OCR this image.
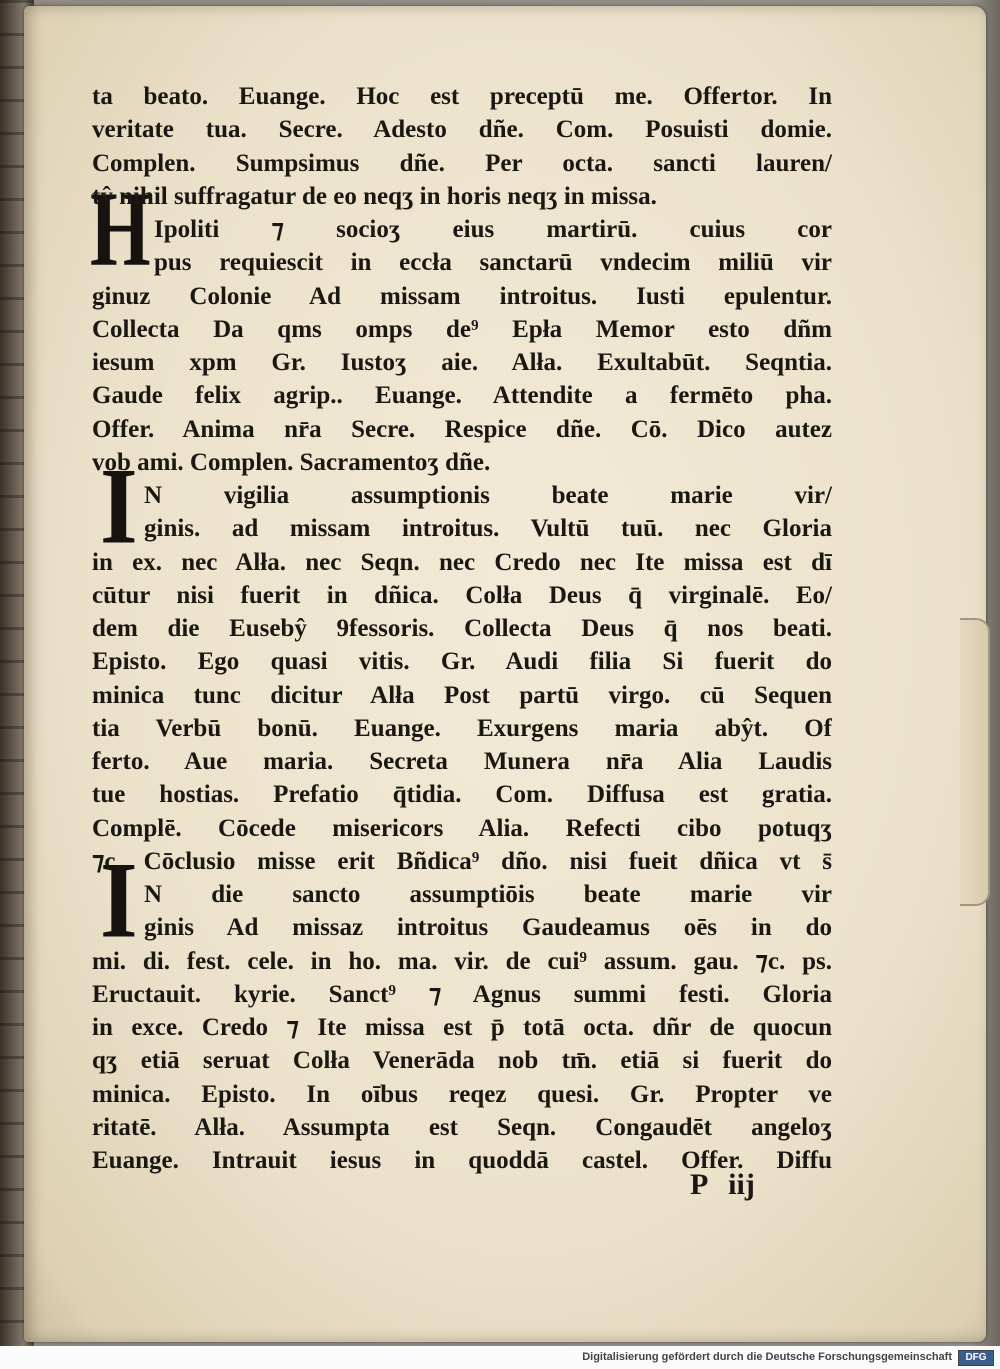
H
I
I
ta beato. Euange. Hoc est preceptū me. Offertor. In
veritate tua. Secre. Adesto dñe. Com. Posuisti domie.
Complen. Sumpsimus dñe. Per octa. sancti lauren/
tŷ nihil suffragatur de eo neqʒ in horis neqʒ in missa.
Ipoliti ⁊ socioʒ eius martirū. cuius cor
pus requiescit in eccła sanctarū vndecim miliū vir
ginuz Colonie Ad missam introitus. Iusti epulentur.
Collecta Da qms omps de⁹ Epła Memor esto dñm
iesum xpm Gr. Iustoʒ aie. Alła. Exultabūt. Seqntia.
Gaude felix agrip.. Euange. Attendite a fermēto pha.
Offer. Anima nr̄a Secre. Respice dñe. Cō. Dico autez
vob ami. Complen. Sacramentoʒ dñe.
N vigilia assumptionis beate marie vir/
ginis. ad missam introitus. Vultū tuū. nec Gloria
in ex. nec Alła. nec Seqn. nec Credo nec Ite missa est dī
cūtur nisi fuerit in dñica. Colła Deus q̄ virginalē. Eo/
dem die Eusebŷ 9fessoris. Collecta Deus q̄ nos beati.
Episto. Ego quasi vitis. Gr. Audi filia Si fuerit do
minica tunc dicitur Alła Post partū virgo. cū Sequen
tia Verbū bonū. Euange. Exurgens maria abŷt. Of
ferto. Aue maria. Secreta Munera nr̄a Alia Laudis
tue hostias. Prefatio q̄tidia. Com. Diffusa est gratia.
Complē. Cōcede misericors Alia. Refecti cibo potuqʒ
⁊c. Cōclusio misse erit Bñdica⁹ dño. nisi fueit dñica vt s̄
N die sancto assumptiōis beate marie vir
ginis Ad missaz introitus Gaudeamus oēs in do
mi. di. fest. cele. in ho. ma. vir. de cui⁹ assum. gau. ⁊c. ps.
Eructauit. kyrie. Sanct⁹ ⁊ Agnus summi festi. Gloria
in exce. Credo ⁊ Ite missa est p̄ totā octa. dñr de quocun
qʒ etiā seruat Colła Venerāda nob tm̄. etiā si fuerit do
minica. Episto. In oībus reqez quesi. Gr. Propter ve
ritatē. Alła. Assumpta est Seqn. Congaudēt angeloʒ
Euange. Intrauit iesus in quoddā castel. Offer. Diffu
P iij
Digitalisierung gefördert durch die Deutsche Forschungsgemeinschaft	DFG
